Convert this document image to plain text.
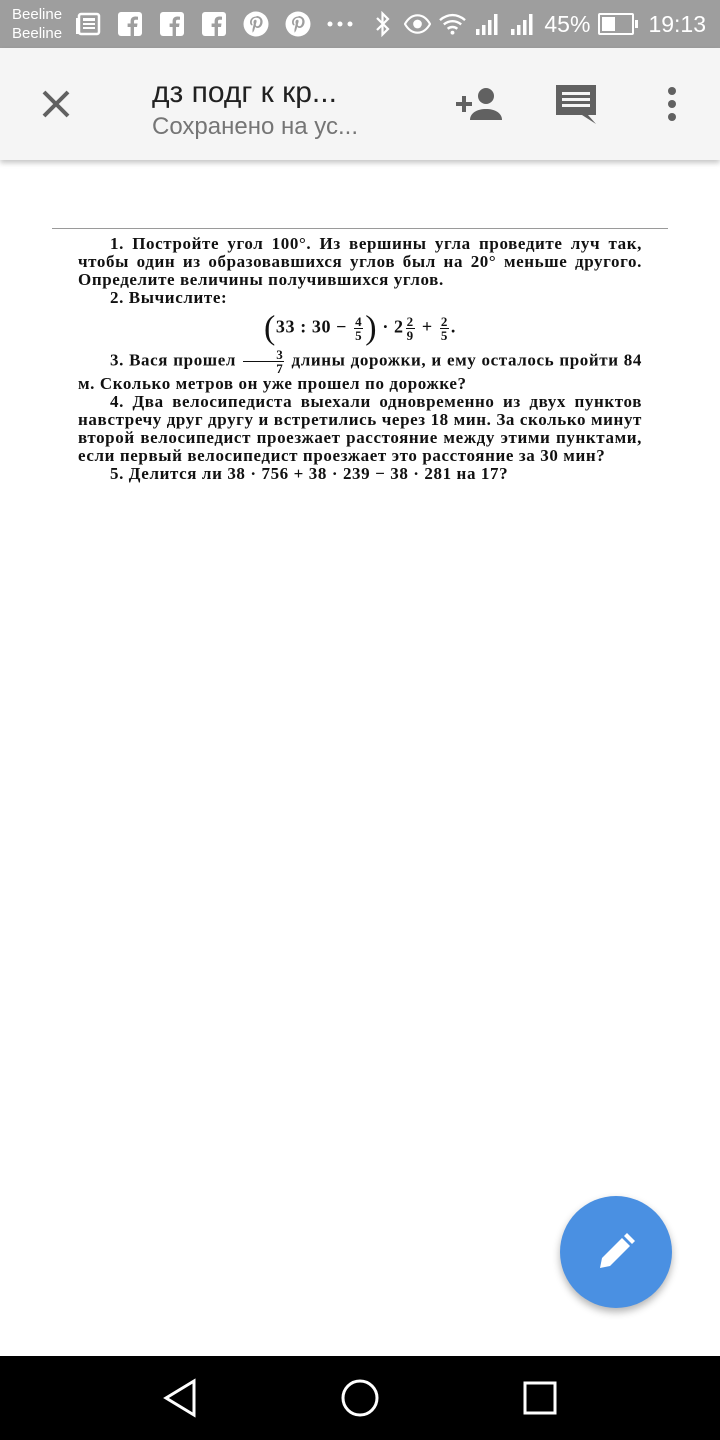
Beeline
Beeline	45%	19:13
дз подг к кр...
Сохранено на ус...

1. Постройте угол 100°. Из вершины угла проведите луч так, чтобы один из образовавшихся углов был на 20° меньше другого. Определите величины получившихся углов.

2. Вычислите:

(33 : $30 - \frac{4}{5}$ ) · $2 \frac{2}{9} + \frac{2}{5}$ .

3. Вася прошел $\frac{3}{7}$ длины дорожки, и ему осталось пройти 84 м. Сколько метров он уже прошел по дорожке?

4. Два велосипедиста выехали одновременно из двух пунктов навстречу друг другу и встретились через 18 мин. За сколько минут второй велосипедист проезжает расстояние между этими пунктами, если первый велосипедист проезжает это расстояние за 30 мин?

5. Делится ли 38 · 756 + 38 · 239 − 38 · 281 на 17?
